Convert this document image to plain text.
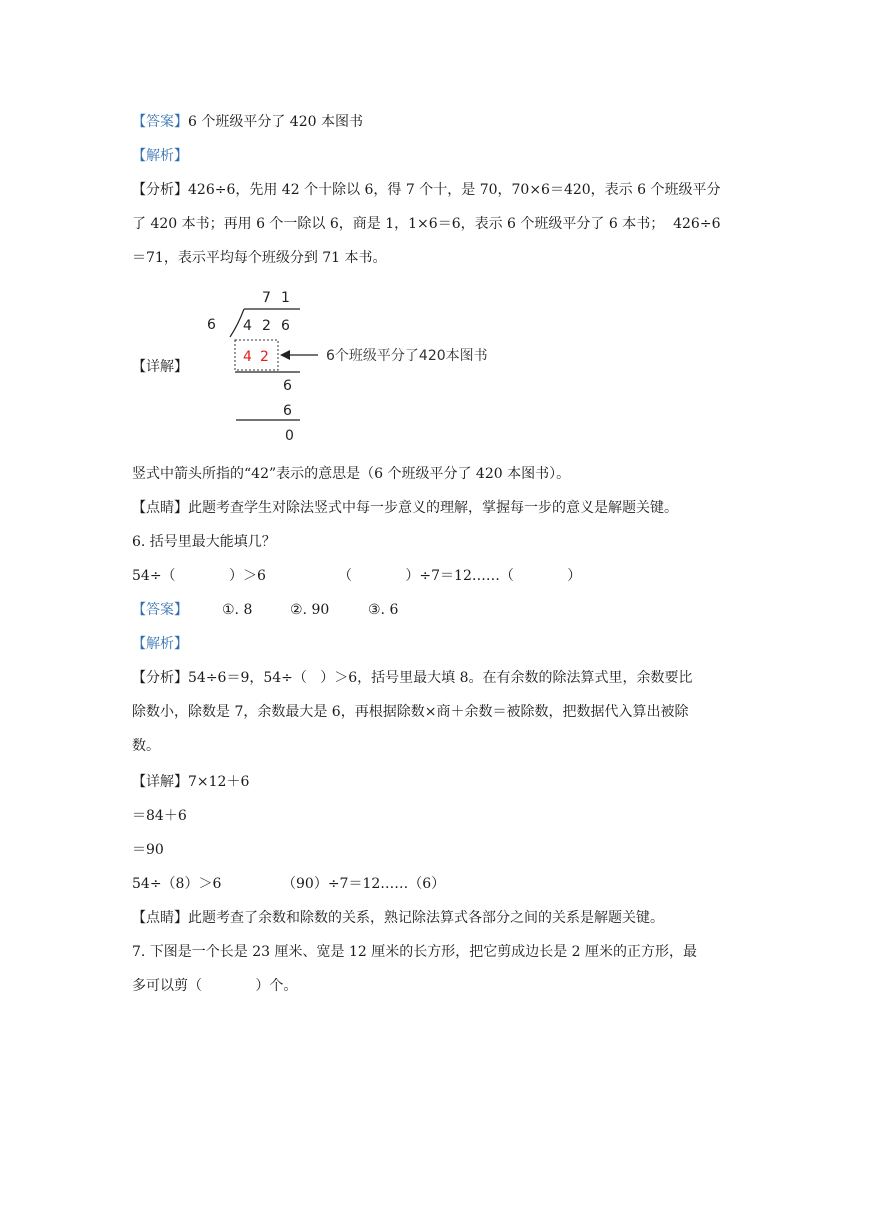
【答案】6 个班级平分了 420 本图书
【解析】
【分析】426÷6，先用 42 个十除以 6，得 7 个十，是 70，70×6＝420，表示 6 个班级平分
了 420 本书；再用 6 个一除以 6，商是 1，1×6＝6，表示 6 个班级平分了 6 本书；  426÷6
＝71，表示平均每个班级分到 71 本书。
【详解】
7 1
6 4 2 6
4 2	6个班级平分了420本图书
6
6
0
竖式中箭头所指的“42”表示的意思是（6 个班级平分了 420 本图书）。
【点睛】此题考查学生对除法竖式中每一步意义的理解，掌握每一步的意义是解题关键。
6. 括号里最大能填几？
54÷（            ）＞6	（            ）÷7＝12……（            ）
【答案】 ①. 8	②. 90	③. 6
【解析】
【分析】54÷6＝9，54÷（   ）＞6，括号里最大填 8。在有余数的除法算式里，余数要比
除数小，除数是 7，余数最大是 6，再根据除数×商＋余数＝被除数，把数据代入算出被除
数。
【详解】7×12＋6
＝84＋6
＝90
54÷（8）＞6	（90）÷7＝12……（6）
【点睛】此题考查了余数和除数的关系，熟记除法算式各部分之间的关系是解题关键。
7. 下图是一个长是 23 厘米、宽是 12 厘米的长方形，把它剪成边长是 2 厘米的正方形，最
多可以剪（            ）个。
